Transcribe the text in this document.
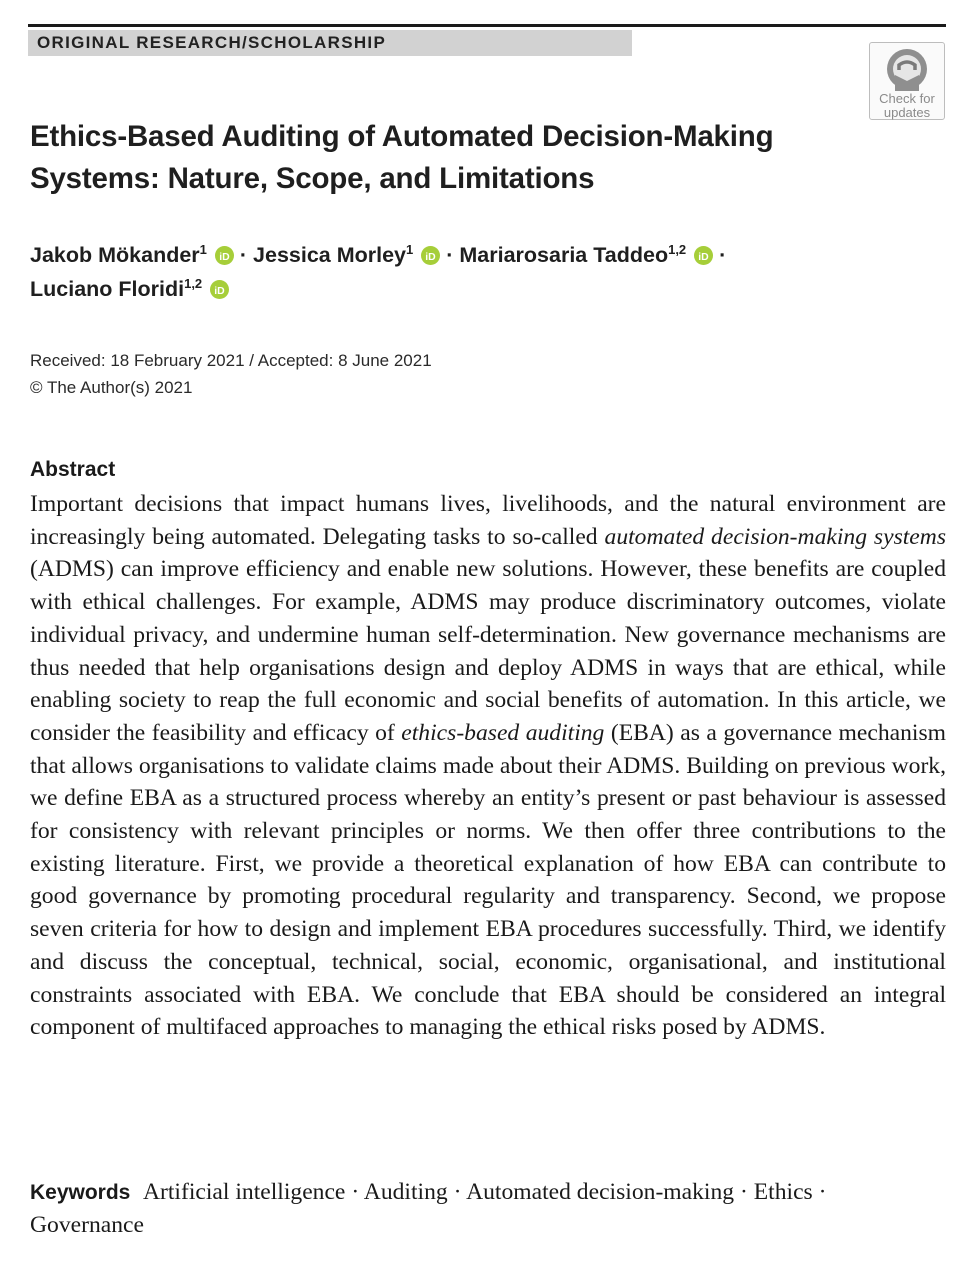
ORIGINAL RESEARCH/SCHOLARSHIP
Check for
updates
Ethics-Based Auditing of Automated Decision-Making
Systems: Nature, Scope, and Limitations
Jakob Mökander$^1$
iD · Jessica Morley$^1$
iD · Mariarosaria Taddeo$^{1,2}$
iD ·
Luciano Floridi$^{1,2}$
iD
Received: 18 February 2021 / Accepted: 8 June 2021
© The Author(s) 2021
Abstract

Important decisions that impact humans lives, livelihoods, and the natural environment are increasingly being automated. Delegating tasks to so-called automated decision-making systems (ADMS) can improve efficiency and enable new solutions. However, these benefits are coupled with ethical challenges. For example, ADMS may produce discriminatory outcomes, violate individual privacy, and undermine human self-determination. New governance mechanisms are thus needed that help organisations design and deploy ADMS in ways that are ethical, while enabling society to reap the full economic and social benefits of automation. In this article, we consider the feasibility and efficacy of ethics-based auditing (EBA) as a governance mechanism that allows organisations to validate claims made about their ADMS. Building on previous work, we define EBA as a structured process whereby an entity’s present or past behaviour is assessed for consistency with relevant principles or norms. We then offer three contributions to the existing literature. First, we provide a theoretical explanation of how EBA can contribute to good governance by promoting procedural regularity and transparency. Second, we propose seven criteria for how to design and implement EBA procedures successfully. Third, we identify and discuss the conceptual, technical, social, economic, organisational, and institutional constraints associated with EBA. We conclude that EBA should be considered an integral component of multifaced approaches to managing the ethical risks posed by ADMS.

Keywords Artificial intelligence · Auditing · Automated decision-making · Ethics ·
Governance
